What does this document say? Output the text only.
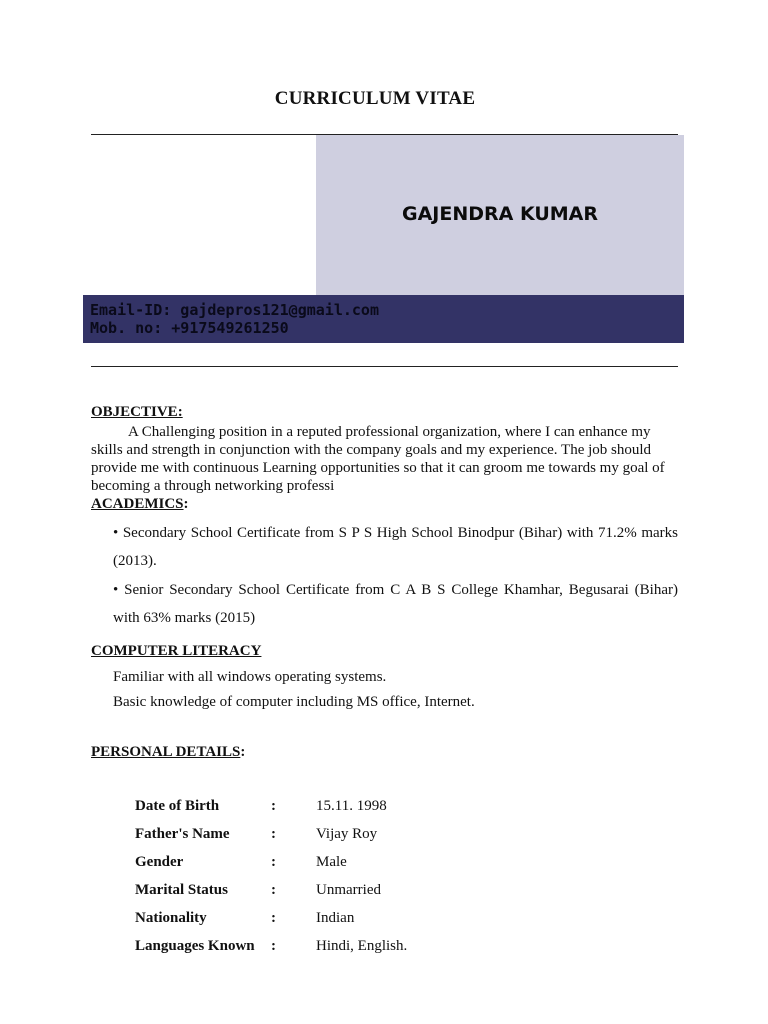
CURRICULUM VITAE
GAJENDRA KUMAR
Email-ID: gajdepros121@gmail.com
Mob. no: +917549261250
OBJECTIVE:
A Challenging position in a reputed professional organization, where I can enhance my
skills and strength in conjunction with the company goals and my experience. The job should
provide me with continuous Learning opportunities so that it can groom me towards my goal of
becoming a through networking professi
ACADEMICS:
• Secondary School Certificate from S P S High School Binodpur (Bihar) with 71.2% marks (2013).
• Senior Secondary School Certificate from C A B S College Khamhar, Begusarai (Bihar) with 63% marks (2015)
COMPUTER LITERACY
Familiar with all windows operating systems.
Basic knowledge of computer including MS office, Internet.
PERSONAL DETAILS:
Date of Birth	:	15.11. 1998
Father's Name	:	Vijay Roy
Gender	:	Male
Marital Status	:	Unmarried
Nationality	:	Indian
Languages Known :	Hindi, English.
